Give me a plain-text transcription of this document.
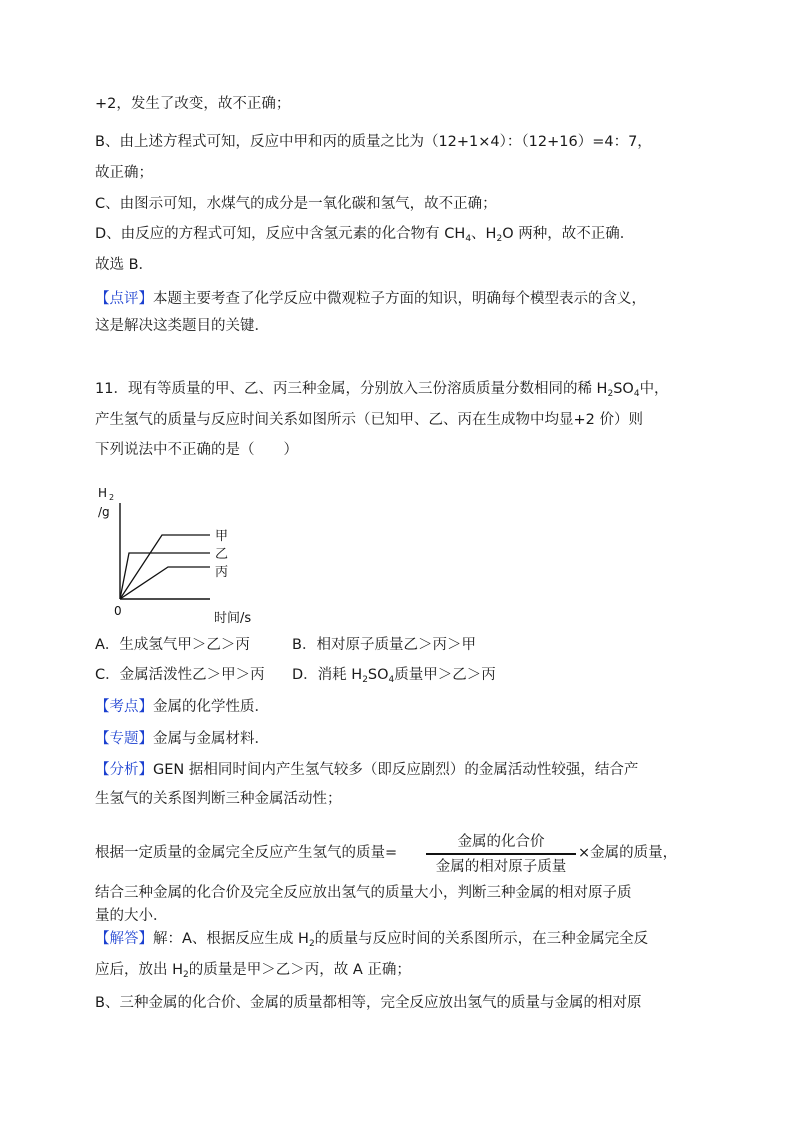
+2，发生了改变，故不正确；
B、由上述方程式可知，反应中甲和丙的质量之比为（12+1×4）：（12+16）=4：7，
故正确；
C、由图示可知，水煤气的成分是一氧化碳和氢气，故不正确；
D、由反应的方程式可知，反应中含氢元素的化合物有 $CH_4$、$H_2O$ 两种，故不正确．
故选 B．
【点评】本题主要考查了化学反应中微观粒子方面的知识，明确每个模型表示的含义，
这是解决这类题目的关键．
11．现有等质量的甲、乙、丙三种金属，分别放入三份溶质质量分数相同的稀 $H_2SO_4$中，
产生氢气的质量与反应时间关系如图所示（已知甲、乙、丙在生成物中均显+2 价）则
下列说法中不正确的是（　　）
H 2
/g
0	时间/s
甲
乙
丙
A．生成氢气甲＞乙＞丙	B．相对原子质量乙＞丙＞甲
C．金属活泼性乙＞甲＞丙 D．消耗 $H_2SO_4$质量甲＞乙＞丙
【考点】金属的化学性质．
【专题】金属与金属材料．
【分析】GEN 据相同时间内产生氢气较多（即反应剧烈）的金属活动性较强，结合产
生氢气的关系图判断三种金属活动性；
根据一定质量的金属完全反应产生氢气的质量=
金属的化合价
金属的相对原子质量
×金属的质量，
结合三种金属的化合价及完全反应放出氢气的质量大小，判断三种金属的相对原子质
量的大小．
【解答】解：A、根据反应生成 $H_2$的质量与反应时间的关系图所示，在三种金属完全反
应后，放出 $H_2$的质量是甲＞乙＞丙，故 A 正确；
B、三种金属的化合价、金属的质量都相等，完全反应放出氢气的质量与金属的相对原
